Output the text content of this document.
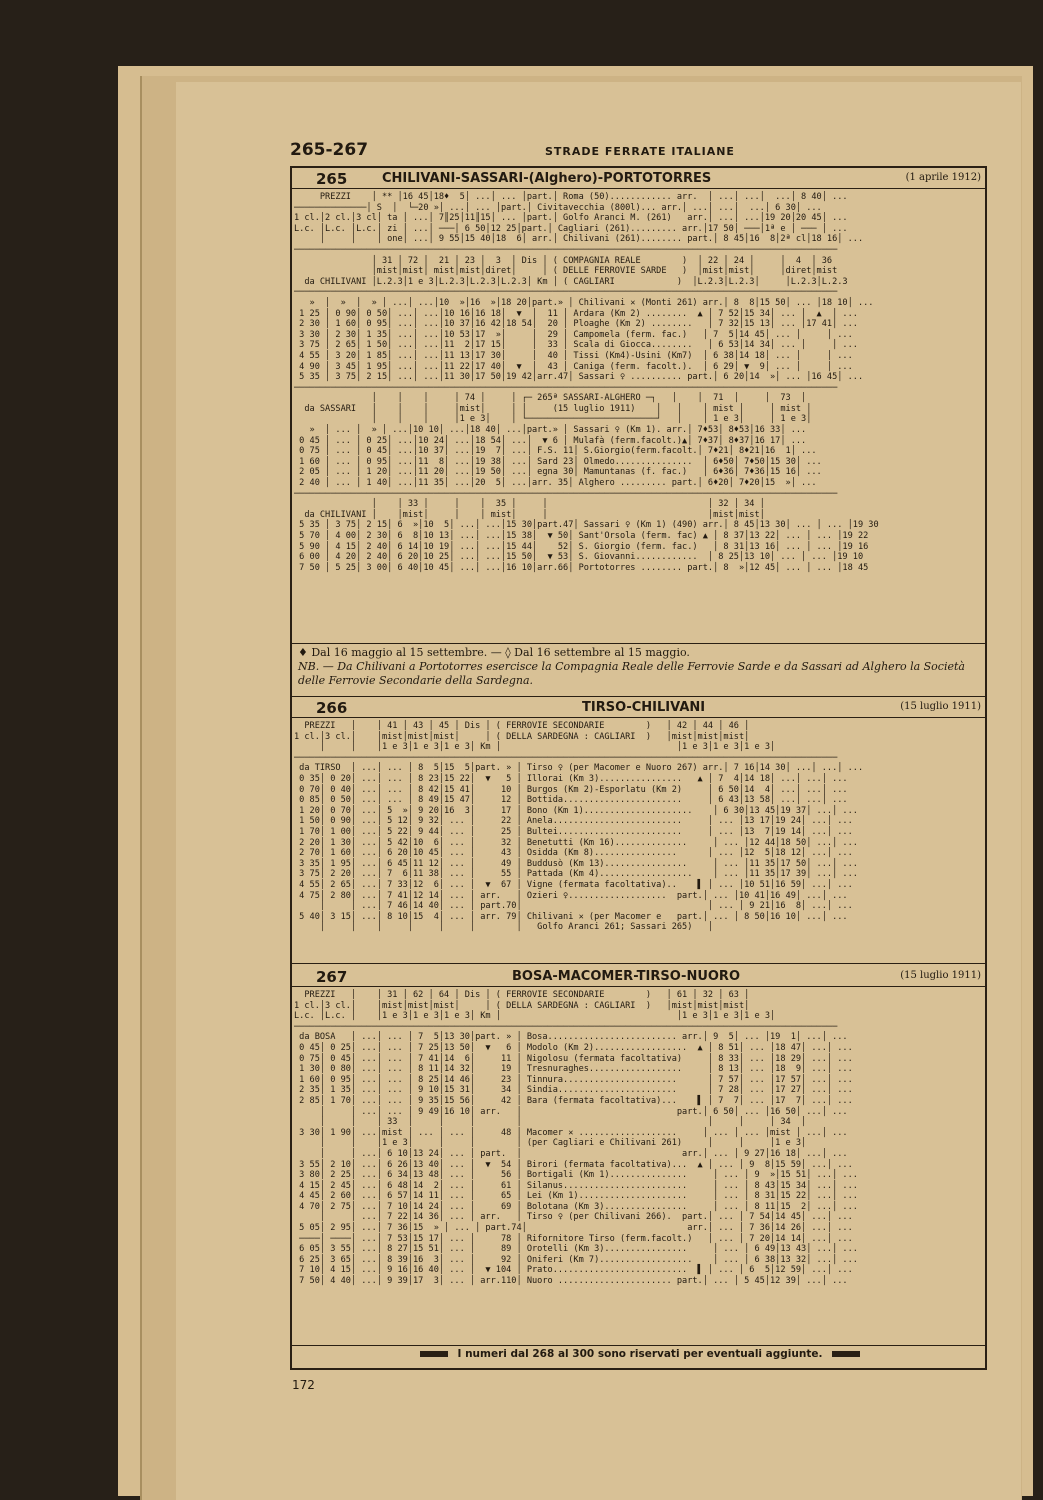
265-267	STRADE FERRATE ITALIANE
265	CHILIVANI-SASSARI-(Alghero)-PORTOTORRES	(1 aprile 1912)
PREZZI    │ ** │16 45│18♦  5│ ...│ ... │part.│ Roma (50)............ arr.  │ ...│ ...│  ...│ 8 40│ ...
──────────────│ S  │  └─20 »│ ...│ ... │part.│ Civitavecchia (800l)... arr.│ ...│ ...│  ...│ 6 30│ ...
1 cl.│2 cl.│3 cl│ ta │ ...│ 7║25│11║15│ ... │part.│ Golfo Aranci M. (261)   arr.│ ...│ ...│19 20│20 45│ ...
L.c. │L.c. │L.c.│ zi │ ...│ ───│ 6 50│12 25│part.│ Cagliari (261)......... arr.│17 50│ ───│1ª e │ ─── │ ...
│     │    │ one│ ...│ 9 55│15 40│18  6│ arr.│ Chilivani (261)........ part.│ 8 45│16  8│2ª cl│18 16│ ...
─────────────────────────────────────────────────────────────────────────────────────────────────────────
│ 31 │ 72 │  21 │ 23 │  3  │ Dis │ ( COMPAGNIA REALE        )  │ 22 │ 24 │     │  4  │ 36
│mist│mist│ mist│mist│diret│     │ ( DELLE FERROVIE SARDE   )  │mist│mist│     │diret│mist
da CHILIVANI │L.2.3│1 e 3│L.2.3│L.2.3│L.2.3│ Km │ ( CAGLIARI            )  │L.2.3│L.2.3│     │L.2.3│L.2.3
─────────────────────────────────────────────────────────────────────────────────────────────────────────
»  │  »  │  » │ ...│ ...│10  »│16  »│18 20│part.» │ Chilivani ✕ (Monti 261) arr.│ 8  8│15 50│ ... │18 10│ ...
1 25 │ 0 90│ 0 50│ ...│ ...│10 16│16 18│  ▼  │  11 │ Ardara (Km 2) ........  ▲ │ 7 52│15 34│ ... │  ▲  │ ...
2 30 │ 1 60│ 0 95│ ...│ ...│10 37│16 42│18 54│  20 │ Ploaghe (Km 2) ........   │ 7 32│15 13│ ... │17 41│ ...
3 30 │ 2 30│ 1 35│ ...│ ...│10 53│17  »│     │  29 │ Campomela (ferm. fac.)   │ 7  5│14 45│ ... │     │ ...
3 75 │ 2 65│ 1 50│ ...│ ...│11  2│17 15│     │  33 │ Scala di Giocca........   │ 6 53│14 34│ ... │     │ ...
4 55 │ 3 20│ 1 85│ ...│ ...│11 13│17 30│     │  40 │ Tissi (Km4)-Usini (Km7)  │ 6 38│14 18│ ... │     │ ...
4 90 │ 3 45│ 1 95│ ...│ ...│11 22│17 40│  ▼  │  43 │ Caniga (ferm. facolt.).  │ 6 29│ ▼  9│ ... │     │ ...
5 35 │ 3 75│ 2 15│ ...│ ...│11 30│17 50│19 42│arr.47│ Sassari ♀ .......... part.│ 6 20│14  »│ ... │16 45│ ...
─────────────────────────────────────────────────────────────────────────────────────────────────────────
│    │    │     │ 74 │     │ ┌─ 265ª SASSARI-ALGHERO ─┐   │    │  71  │     │  73  │
da SASSARI   │    │    │     │mist│     │ │     (15 luglio 1911)    │   │    │ mist │     │ mist │
│    │    │     │1 e 3│    │ └─────────────────────────┘   │    │ 1 e 3│     │ 1 e 3│
»  │ ... │  » │ ...│10 10│ ...│18 40│ ...│part.» │ Sassari ♀ (Km 1). arr.│ 7♦53│ 8♦53│16 33│ ...
0 45 │ ... │ 0 25│ ...│10 24│ ...│18 54│ ...│  ▼ 6 │ Mulafà (ferm.facolt.)▲│ 7♦37│ 8♦37│16 17│ ...
0 75 │ ... │ 0 45│ ...│10 37│ ...│19  7│ ...│ F.S. 11│ S.Giorgio(ferm.facolt.│ 7♦21│ 8♦21│16  1│ ...
1 60 │ ... │ 0 95│ ...│11  8│ ...│19 38│ ...│ Sard 23│ Olmedo...............  │ 6♦50│ 7♦50│15 30│ ...
2 05 │ ... │ 1 20│ ...│11 20│ ...│19 50│ ...│ egna 30│ Mamuntanas (f. fac.)   │ 6♦36│ 7♦36│15 16│ ...
2 40 │ ... │ 1 40│ ...│11 35│ ...│20  5│ ...│arr. 35│ Alghero ......... part.│ 6♦20│ 7♦20│15  »│ ...
─────────────────────────────────────────────────────────────────────────────────────────────────────────
│    │ 33 │     │    │  35 │     │                               │ 32 │ 34 │
da CHILIVANI │    │mist│     │    │ mist│     │                               │mist│mist│
5 35 │ 3 75│ 2 15│ 6  »│10  5│ ...│ ...│15 30│part.47│ Sassari ♀ (Km 1) (490) arr.│ 8 45│13 30│ ... │ ... │19 30
5 70 │ 4 00│ 2 30│ 6  8│10 13│ ...│ ...│15 38│  ▼ 50│ Sant'Orsola (ferm. fac) ▲ │ 8 37│13 22│ ... │ ... │19 22
5 90 │ 4 15│ 2 40│ 6 14│10 19│ ...│ ...│15 44│    52│ S. Giorgio (ferm. fac.)   │ 8 31│13 16│ ... │ ... │19 16
6 00 │ 4 20│ 2 40│ 6 20│10 25│ ...│ ...│15 50│  ▼ 53│ S. Giovanni............  │ 8 25│13 10│ ... │ ... │19 10
7 50 │ 5 25│ 3 00│ 6 40│10 45│ ...│ ...│16 10│arr.66│ Portotorres ........ part.│ 8  »│12 45│ ... │ ... │18 45
♦ Dal 16 maggio al 15 settembre. — ◊ Dal 16 settembre al 15 maggio.
NB. — Da Chilivani a Portotorres esercisce la Compagnia Reale delle Ferrovie Sarde e da Sassari ad Alghero la Società delle Ferrovie Secondarie della Sardegna.
266	TIRSO-CHILIVANI	(15 luglio 1911)
PREZZI   │    │ 41 │ 43 │ 45 │ Dis │ ( FERROVIE SECONDARIE        )   │ 42 │ 44 │ 46 │
1 cl.│3 cl.│    │mist│mist│mist│     │ ( DELLA SARDEGNA : CAGLIARI  )   │mist│mist│mist│
│     │    │1 e 3│1 e 3│1 e 3│ Km │                                  │1 e 3│1 e 3│1 e 3│
─────────────────────────────────────────────────────────────────────────────────────────────────────────
da TIRSO  │ ...│ ... │ 8  5│15  5│part. » │ Tirso ♀ (per Macomer e Nuoro 267) arr.│ 7 16│14 30│ ...│ ...│ ...
0 35│ 0 20│ ...│ ... │ 8 23│15 22│  ▼   5 │ Illorai (Km 3)................   ▲ │ 7  4│14 18│ ...│ ...│ ...
0 70│ 0 40│ ...│ ... │ 8 42│15 41│     10 │ Burgos (Km 2)-Esporlatu (Km 2)     │ 6 50│14  4│ ...│ ...│ ...
0 85│ 0 50│ ...│ ... │ 8 49│15 47│     12 │ Bottida.......................     │ 6 43│13 58│ ...│ ...│ ...
1 20│ 0 70│ ...│ 5  »│ 9 20│16  3│     17 │ Bono (Km 1).....................    │ 6 30│13 45│19 37│ ...│ ...
1 50│ 0 90│ ...│ 5 12│ 9 32│ ... │     22 │ Anela.........................     │ ... │13 17│19 24│ ...│ ...
1 70│ 1 00│ ...│ 5 22│ 9 44│ ... │     25 │ Bultei........................     │ ... │13  7│19 14│ ...│ ...
2 20│ 1 30│ ...│ 5 42│10  6│ ... │     32 │ Benetutti (Km 16)..............     │ ... │12 44│18 50│ ...│ ...
2 70│ 1 60│ ...│ 6 20│10 45│ ... │     43 │ Osidda (Km 8)................      │ ... │12  5│18 12│ ...│ ...
3 35│ 1 95│ ...│ 6 45│11 12│ ... │     49 │ Buddusò (Km 13)................     │ ... │11 35│17 50│ ...│ ...
3 75│ 2 20│ ...│ 7  6│11 38│ ... │     55 │ Pattada (Km 4)..................    │ ... │11 35│17 39│ ...│ ...
4 55│ 2 65│ ...│ 7 33│12  6│ ... │  ▼  67 │ Vigne (fermata facoltativa)..    ▌ │ ... │10 51│16 59│ ...│ ...
4 75│ 2 80│ ...│ 7 41│12 14│ ... │ arr.   │ Ozieri ♀...................  part.│ ... │10 41│16 49│ ...│ ...
│     │ ...│ 7 46│14 40│ ... │ part.70│                                    │ ... │ 9 21│16  8│ ...│ ...
5 40│ 3 15│ ...│ 8 10│15  4│ ... │ arr. 79│ Chilivani ✕ (per Macomer e   part.│ ... │ 8 50│16 10│ ...│ ...
│     │    │     │     │     │        │   Golfo Aranci 261; Sassari 265)   │
267	BOSA-MACOMER-TIRSO-NUORO	(15 luglio 1911)
PREZZI   │    │ 31 │ 62 │ 64 │ Dis │ ( FERROVIE SECONDARIE        )   │ 61 │ 32 │ 63 │
1 cl.│3 cl.│    │mist│mist│mist│     │ ( DELLA SARDEGNA : CAGLIARI  )   │mist│mist│mist│
L.c. │L.c. │    │1 e 3│1 e 3│1 e 3│ Km │                                  │1 e 3│1 e 3│1 e 3│
─────────────────────────────────────────────────────────────────────────────────────────────────────────
da BOSA   │ ...│ ... │ 7  5│13 30│part. » │ Bosa......................... arr.│ 9  5│ ... │19  1│ ...│ ...
0 45│ 0 25│ ...│ ... │ 7 25│13 50│  ▼   6 │ Modolo (Km 2)..................  ▲ │ 8 51│ ... │18 47│ ...│ ...
0 75│ 0 45│ ...│ ... │ 7 41│14  6│     11 │ Nigolosu (fermata facoltativa)     │ 8 33│ ... │18 29│ ...│ ...
1 30│ 0 80│ ...│ ... │ 8 11│14 32│     19 │ Tresnuraghes..................     │ 8 13│ ... │18  9│ ...│ ...
1 60│ 0 95│ ...│ ... │ 8 25│14 46│     23 │ Tinnura......................      │ 7 57│ ... │17 57│ ...│ ...
2 35│ 1 35│ ...│ ... │ 9 10│15 31│     34 │ Sindia.......................      │ 7 28│ ... │17 27│ ...│ ...
2 85│ 1 70│ ...│ ... │ 9 35│15 56│     42 │ Bara (fermata facoltativa)...    ▌ │ 7  7│ ... │17  7│ ...│ ...
│     │ ...│ ... │ 9 49│16 10│ arr.   │                              part.│ 6 50│ ... │16 50│ ...│ ...
│     │    │ 33  │     │     │        │                                    │     │     │ 34  │
3 30│ 1 90│ ...│mist │ ... │ ... │     48 │ Macomer ✕ ...................     │ ... │ ... │mist │ ...│ ...
│     │    │1 e 3│     │     │        │ (per Cagliari e Chilivani 261)     │     │     │1 e 3│
│     │ ...│ 6 10│13 24│ ... │ part.  │                               arr.│ ... │ 9 27│16 18│ ...│ ...
3 55│ 2 10│ ...│ 6 26│13 40│ ... │  ▼  54 │ Birori (fermata facoltativa)...  ▲ │ ... │ 9  8│15 59│ ...│ ...
3 80│ 2 25│ ...│ 6 34│13 48│ ... │     56 │ Bortigali (Km 1)...............     │ ... │ 9  »│15 51│ ...│ ...
4 15│ 2 45│ ...│ 6 48│14  2│ ... │     61 │ Silanus........................     │ ... │ 8 43│15 34│ ...│ ...
4 45│ 2 60│ ...│ 6 57│14 11│ ... │     65 │ Lei (Km 1).....................     │ ... │ 8 31│15 22│ ...│ ...
4 70│ 2 75│ ...│ 7 10│14 24│ ... │     69 │ Bolotana (Km 3)................     │ ... │ 8 11│15  2│ ...│ ...
│     │ ...│ 7 22│14 36│ ... │ arr.   │ Tirso ♀ (per Chilivani 266).  part.│ ... │ 7 54│14 45│ ...│ ...
5 05│ 2 95│ ...│ 7 36│15  » │ ... │ part.74│                               arr.│ ... │ 7 36│14 26│ ...│ ...
────│ ────│ ...│ 7 53│15 17│ ... │     78 │ Rifornitore Tirso (ferm.facolt.)   │ ... │ 7 20│14 14│ ...│ ...
6 05│ 3 55│ ...│ 8 27│15 51│ ... │     89 │ Orotelli (Km 3)................     │ ... │ 6 49│13 43│ ...│ ...
6 25│ 3 65│ ...│ 8 39│16  3│ ... │     92 │ Oniferi (Km 7)..................    │ ... │ 6 38│13 32│ ...│ ...
7 10│ 4 15│ ...│ 9 16│16 40│ ... │  ▼ 104 │ Prato..........................  ▌ │ ... │ 6  5│12 59│ ...│ ...
7 50│ 4 40│ ...│ 9 39│17  3│ ... │ arr.110│ Nuoro ...................... part.│ ... │ 5 45│12 39│ ...│ ...
I numeri dal 268 al 300 sono riservati per eventuali aggiunte.
172
